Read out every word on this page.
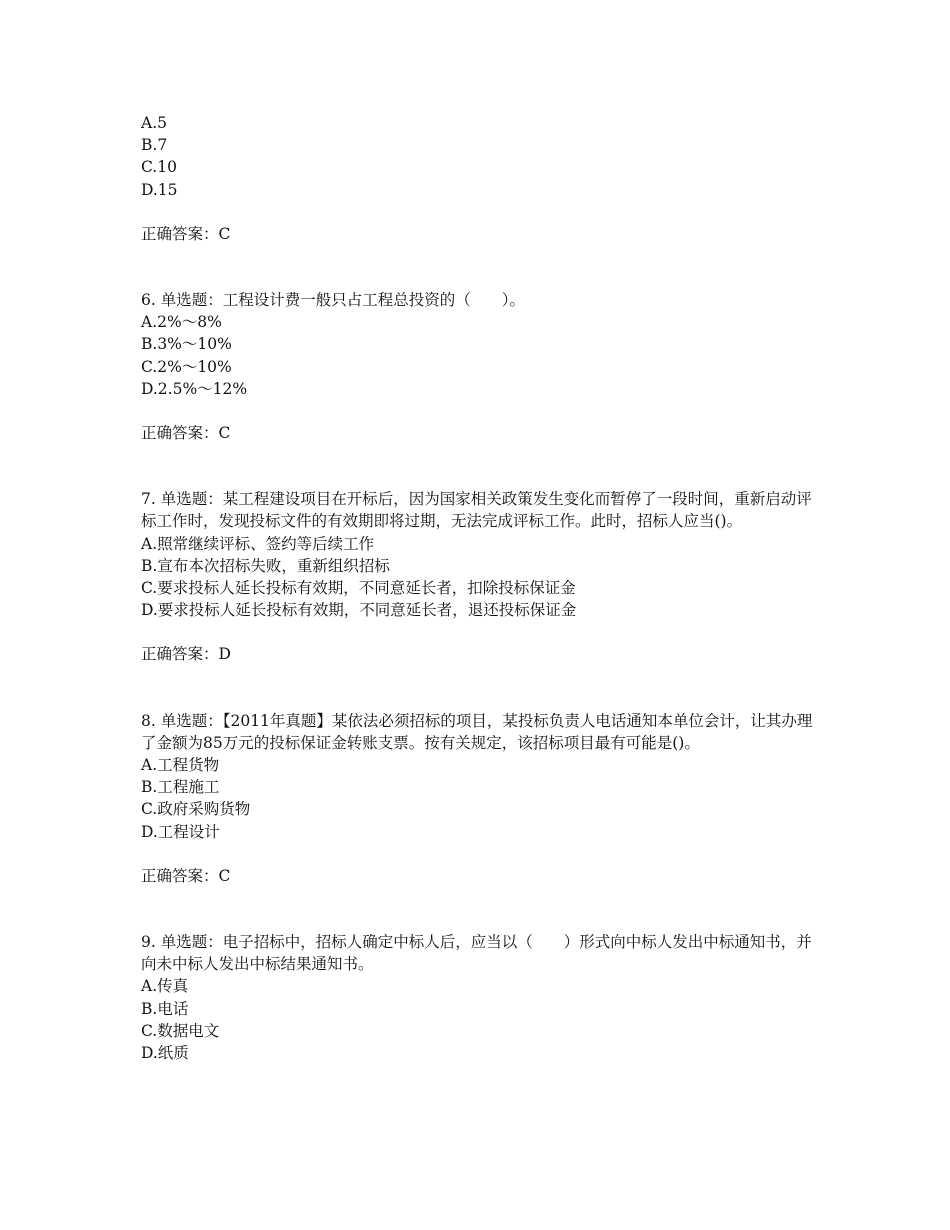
A.5
B.7
C.10
D.15
正确答案：C
6. 单选题：工程设计费一般只占工程总投资的（　　）。
A.2%～8%
B.3%～10%
C.2%～10%
D.2.5%～12%
正确答案：C
7. 单选题：某工程建设项目在开标后，因为国家相关政策发生变化而暂停了一段时间，重新启动评标工作时，发现投标文件的有效期即将过期，无法完成评标工作。此时，招标人应当()。
A.照常继续评标、签约等后续工作
B.宣布本次招标失败，重新组织招标
C.要求投标人延长投标有效期，不同意延长者，扣除投标保证金
D.要求投标人延长投标有效期，不同意延长者，退还投标保证金
正确答案：D
8. 单选题：【2011年真题】某依法必须招标的项目，某投标负责人电话通知本单位会计，让其办理了金额为85万元的投标保证金转账支票。按有关规定，该招标项目最有可能是()。
A.工程货物
B.工程施工
C.政府采购货物
D.工程设计
正确答案：C
9. 单选题：电子招标中，招标人确定中标人后，应当以（　　）形式向中标人发出中标通知书，并向未中标人发出中标结果通知书。
A.传真
B.电话
C.数据电文
D.纸质
